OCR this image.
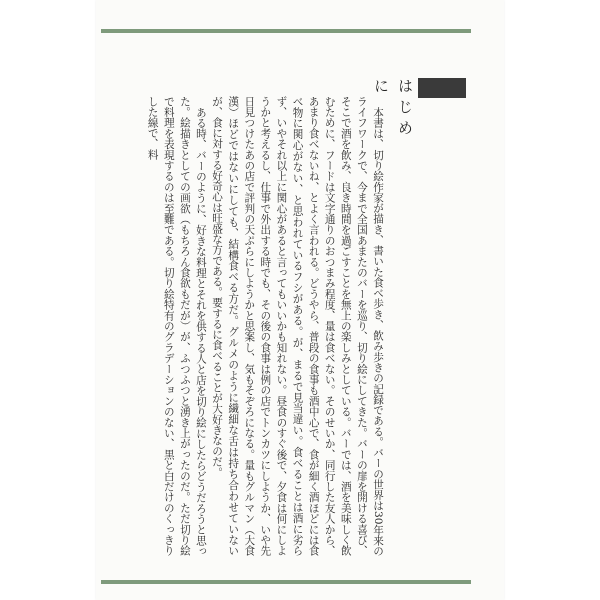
はじめに

本書は、切り絵作家が描き、書いた食べ歩き、飲み歩きの記録である。バーの世界は30年来のライフワークで、今まで全国あまたのバーを巡り、切り絵にしてきた。バーの扉を開ける喜び、そこで酒を飲み、良き時間を過ごすことを無上の楽しみとしている。バーでは、酒を美味しく飲むために、フードは文字通りのおつまみ程度、量は食べない。そのせいか、同行した友人から、あまり食べないね、とよく言われる。どうやら、普段の食事も酒中心で、食が細く酒ほどには食べ物に関心がない、と思われているフシがある。が、まるで見当違い。食べることは酒に劣らず、いやそれ以上に関心があると言ってもいいかも知れない。昼食のすぐ後で、夕食は何にしようかと考えるし、仕事で外出する時でも、その後の食事は例の店でトンカツにしようか、いや先日見つけたあの店で評判の天ぷらにしようかと思案し、気もそぞろになる。量もグルマン（大食漢）ほどではないにしても、結構食べる方だ。グルメのように繊細な舌は持ち合わせていないが、食に対する好奇心は旺盛な方である。要するに食べることが大好きなのだ。

ある時、バーのように、好きな料理とそれを供する人と店を切り絵にしたらどうだろうと思った。絵描きとしての画欲（もちろん食欲もだが）が、ふつふつと湧き上がったのだ。ただ切り絵で料理を表現するのは至難である。切り絵特有のグラデーションのない、黒と白だけのくっきりした線で、料
